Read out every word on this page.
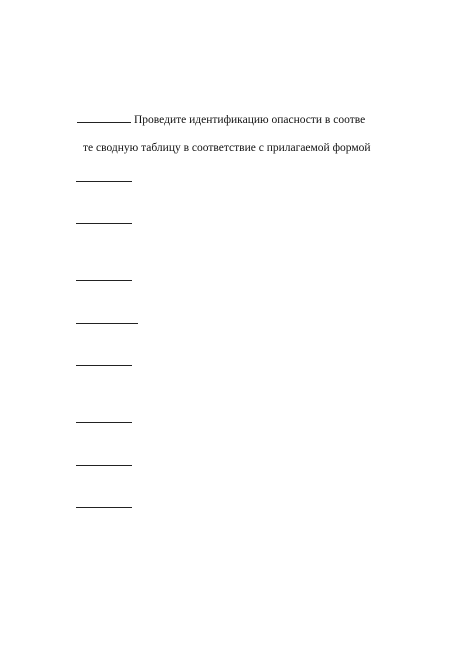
Проведите идентификацию опасности в соотве
те сводную таблицу в соответствие с прилагаемой формой
